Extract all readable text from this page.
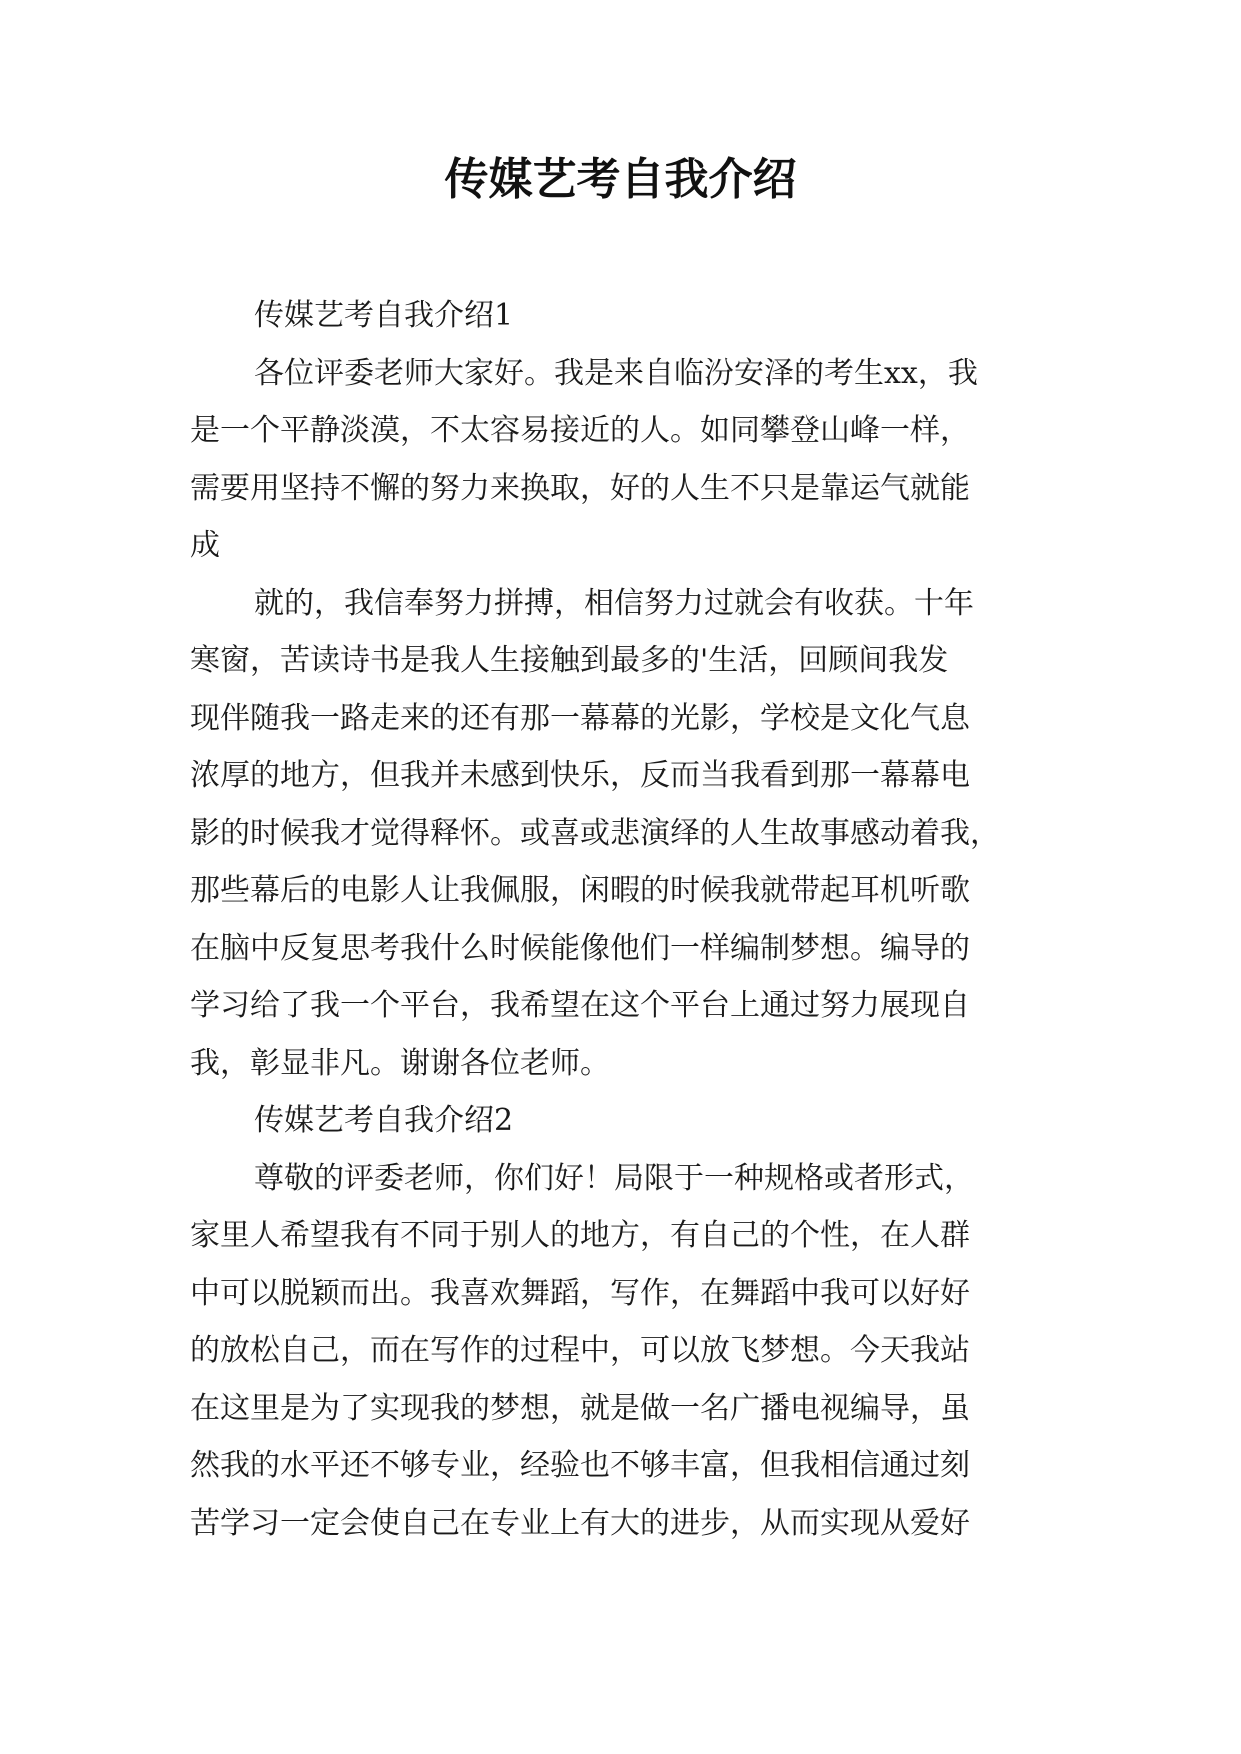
传媒艺考自我介绍
传媒艺考自我介绍1
各位评委老师大家好。我是来自临汾安泽的考生xx，我
是一个平静淡漠，不太容易接近的人。如同攀登山峰一样，
需要用坚持不懈的努力来换取，好的人生不只是靠运气就能
成
就的，我信奉努力拼搏，相信努力过就会有收获。十年
寒窗，苦读诗书是我人生接触到最多的'生活，回顾间我发
现伴随我一路走来的还有那一幕幕的光影，学校是文化气息
浓厚的地方，但我并未感到快乐，反而当我看到那一幕幕电
影的时候我才觉得释怀。或喜或悲演绎的人生故事感动着我，
那些幕后的电影人让我佩服，闲暇的时候我就带起耳机听歌
在脑中反复思考我什么时候能像他们一样编制梦想。编导的
学习给了我一个平台，我希望在这个平台上通过努力展现自
我，彰显非凡。谢谢各位老师。
传媒艺考自我介绍2
尊敬的评委老师，你们好！局限于一种规格或者形式，
家里人希望我有不同于别人的地方，有自己的个性，在人群
中可以脱颖而出。我喜欢舞蹈，写作，在舞蹈中我可以好好
的放松自己，而在写作的过程中，可以放飞梦想。今天我站
在这里是为了实现我的梦想，就是做一名广播电视编导，虽
然我的水平还不够专业，经验也不够丰富，但我相信通过刻
苦学习一定会使自己在专业上有大的进步，从而实现从爱好
